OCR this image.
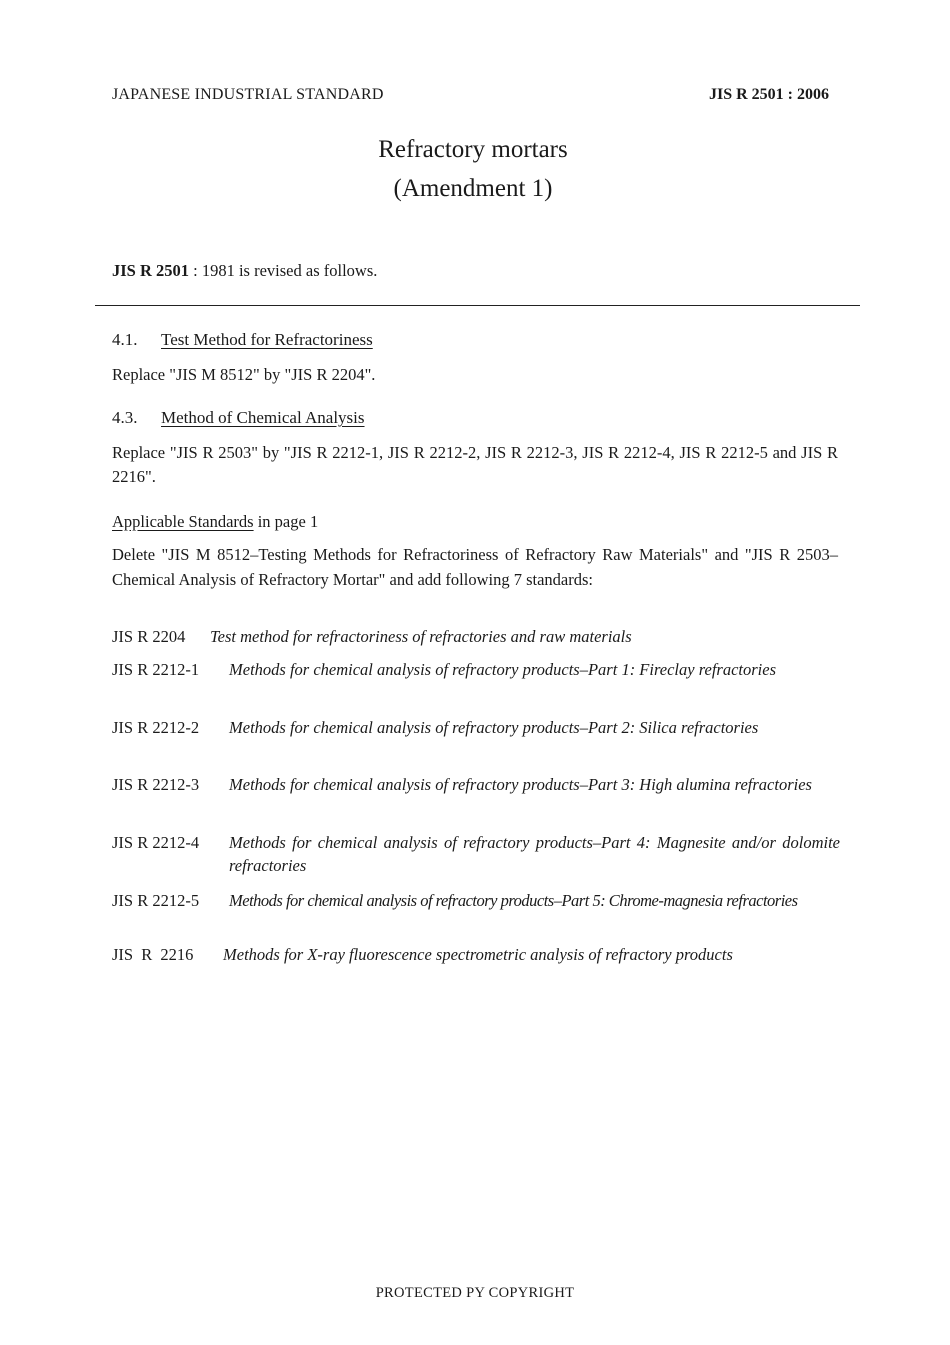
JAPANESE INDUSTRIAL STANDARD	JIS R 2501 : 2006
Refractory mortars
(Amendment 1)
JIS R 2501 : 1981 is revised as follows.
4.1. Test Method for Refractoriness
Replace "JIS M 8512" by "JIS R 2204".
4.3. Method of Chemical Analysis
Replace "JIS R 2503" by "JIS R 2212-1, JIS R 2212-2, JIS R 2212-3, JIS R 2212-4, JIS R 2212-5 and JIS R 2216".
Applicable Standards in page 1
Delete "JIS M 8512–Testing Methods for Refractoriness of Refractory Raw Materials" and "JIS R 2503–Chemical Analysis of Refractory Mortar" and add following 7 standards:
JIS R 2204 Test method for refractoriness of refractories and raw materials
JIS R 2212-1 Methods for chemical analysis of refractory products–Part 1: Fireclay refractories
JIS R 2212-2 Methods for chemical analysis of refractory products–Part 2: Silica refractories
JIS R 2212-3 Methods for chemical analysis of refractory products–Part 3: High alumina refractories
JIS R 2212-4 Methods for chemical analysis of refractory products–Part 4: Magnesite and/or dolomite refractories
JIS R 2212-5 Methods for chemical analysis of refractory products–Part 5: Chrome-magnesia refractories
JIS R 2216 Methods for X-ray fluorescence spectrometric analysis of refractory products
PROTECTED PY COPYRIGHT
